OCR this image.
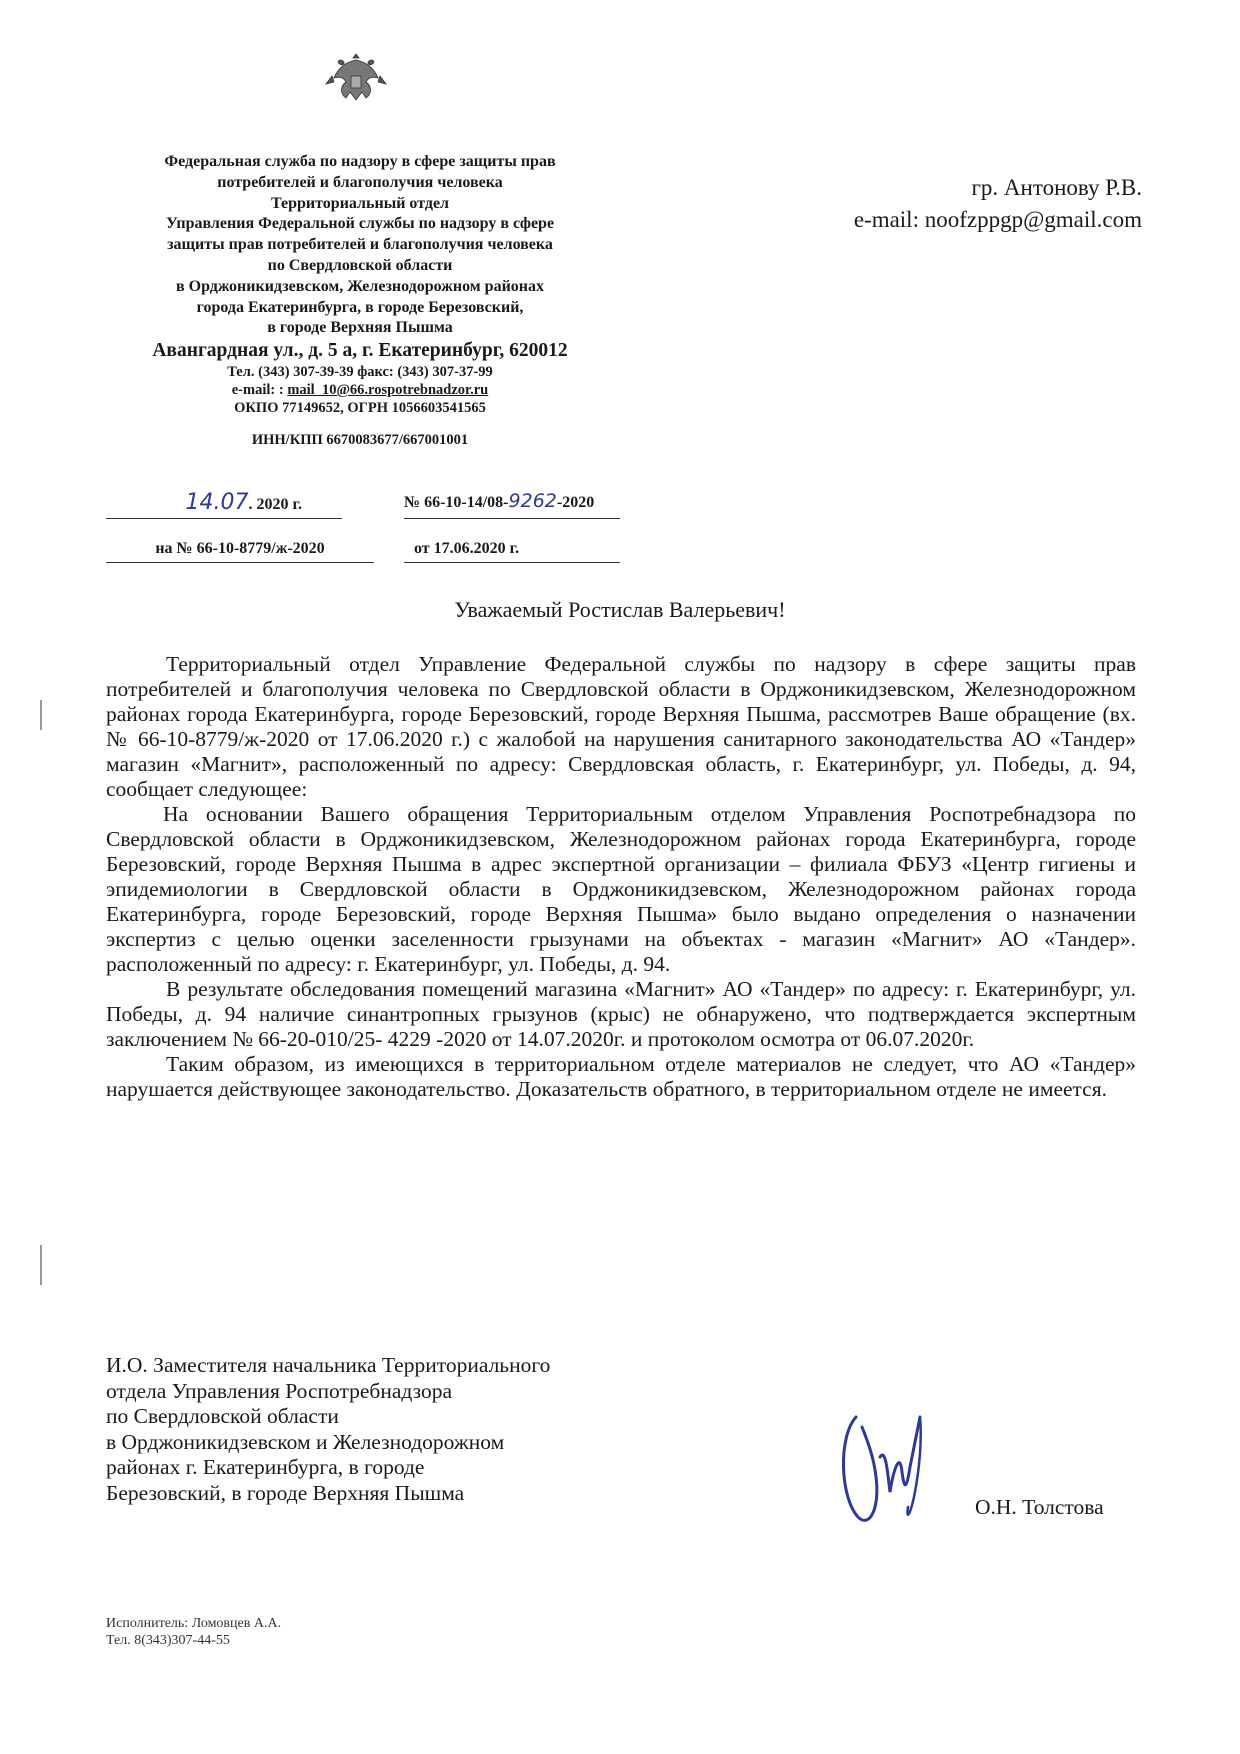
Федеральная служба по надзору в сфере защиты прав
потребителей и благополучия человека
Территориальный отдел
Управления Федеральной службы по надзору в сфере
защиты прав потребителей и благополучия человека
по Свердловской области
в Орджоникидзевском, Железнодорожном районах
города Екатеринбурга, в городе Березовский,
в городе Верхняя Пышма
Авангардная ул., д. 5 а, г. Екатеринбург, 620012
Тел. (343) 307-39-39 факс: (343) 307-37-99
e-mail: : mail_10@66.rospotrebnadzor.ru
ОКПО 77149652, ОГРН 1056603541565
ИНН/КПП 6670083677/667001001
гр. Антонову Р.В.
e-mail: noofzppgp@gmail.com
14.07. 2020 г.	№ 66-10-14/08-9262-2020
на № 66-10-8779/ж-2020	от 17.06.2020 г.
Уважаемый Ростислав Валерьевич!

Территориальный отдел Управление Федеральной службы по надзору в сфере защиты прав потребителей и благополучия человека по Свердловской области в Орджоникидзевском, Железнодорожном районах города Екатеринбурга, городе Березовский, городе Верхняя Пышма, рассмотрев Ваше обращение (вх. № 66-10-8779/ж-2020 от 17.06.2020 г.) с жалобой на нарушения санитарного законодательства АО «Тандер» магазин «Магнит», расположенный по адресу: Свердловская область, г. Екатеринбург, ул. Победы, д. 94, сообщает следующее:

На основании Вашего обращения Территориальным отделом Управления Роспотребнадзора по Свердловской области в Орджоникидзевском, Железнодорожном районах города Екатеринбурга, городе Березовский, городе Верхняя Пышма в адрес экспертной организации – филиала ФБУЗ «Центр гигиены и эпидемиологии в Свердловской области в Орджоникидзевском, Железнодорожном районах города Екатеринбурга, городе Березовский, городе Верхняя Пышма» было выдано определения о назначении экспертиз с целью оценки заселенности грызунами на объектах - магазин «Магнит» АО «Тандер». расположенный по адресу: г. Екатеринбург, ул. Победы, д. 94.

В результате обследования помещений магазина «Магнит» АО «Тандер» по адресу: г. Екатеринбург, ул. Победы, д. 94 наличие синантропных грызунов (крыс) не обнаружено, что подтверждается экспертным заключением № 66-20-010/25- 4229 -2020 от 14.07.2020г. и протоколом осмотра от 06.07.2020г.

Таким образом, из имеющихся в территориальном отделе материалов не следует, что АО «Тандер» нарушается действующее законодательство. Доказательств обратного, в территориальном отделе не имеется.

И.О. Заместителя начальника Территориального
отдела Управления Роспотребнадзора
по Свердловской области
в Орджоникидзевском и Железнодорожном
районах г. Екатеринбурга, в городе
Березовский, в городе Верхняя Пышма
О.Н. Толстова
Исполнитель: Ломовцев А.А.
Тел. 8(343)307-44-55
